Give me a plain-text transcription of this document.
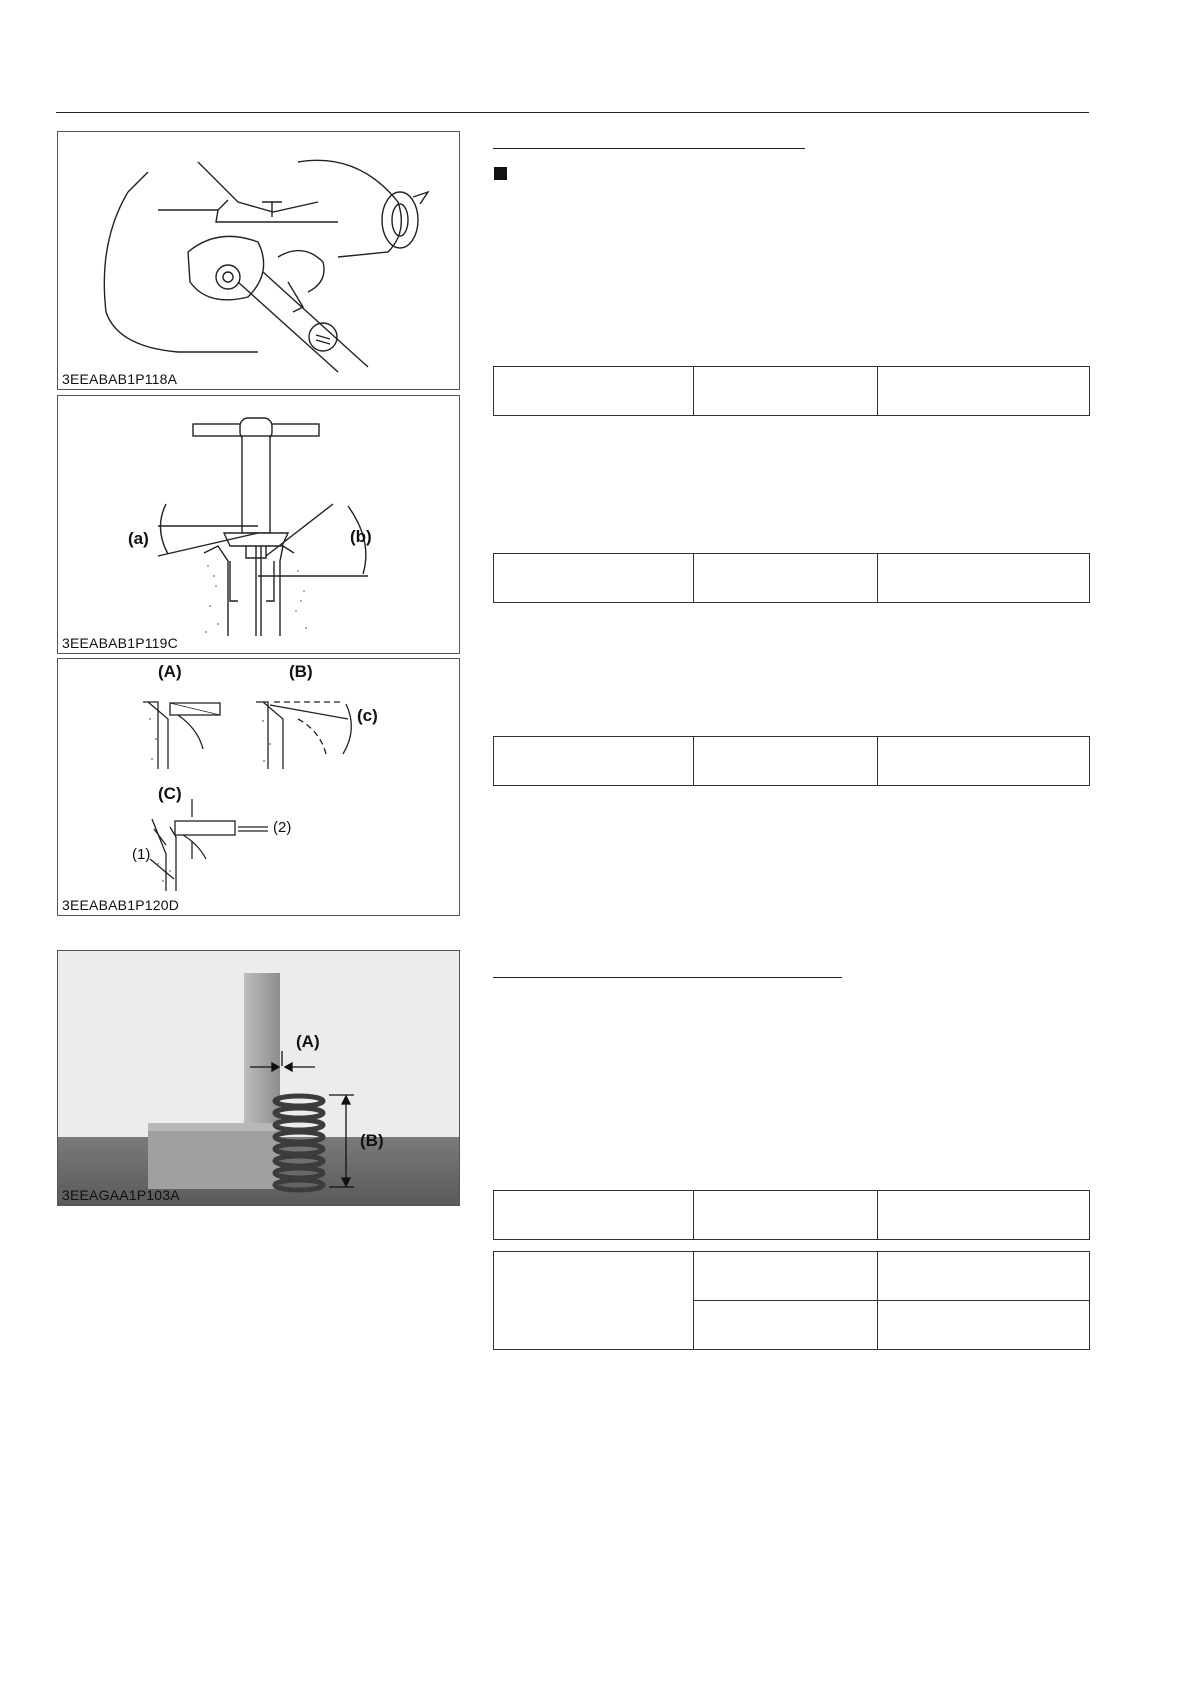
3EEABAB1P118A
(a)	(b)
3EEABAB1P119C
(A)	(B)
(c)
(C)
(1)
(2)
3EEABAB1P120D
(A)
(B)
3EEAGAA1P103A
